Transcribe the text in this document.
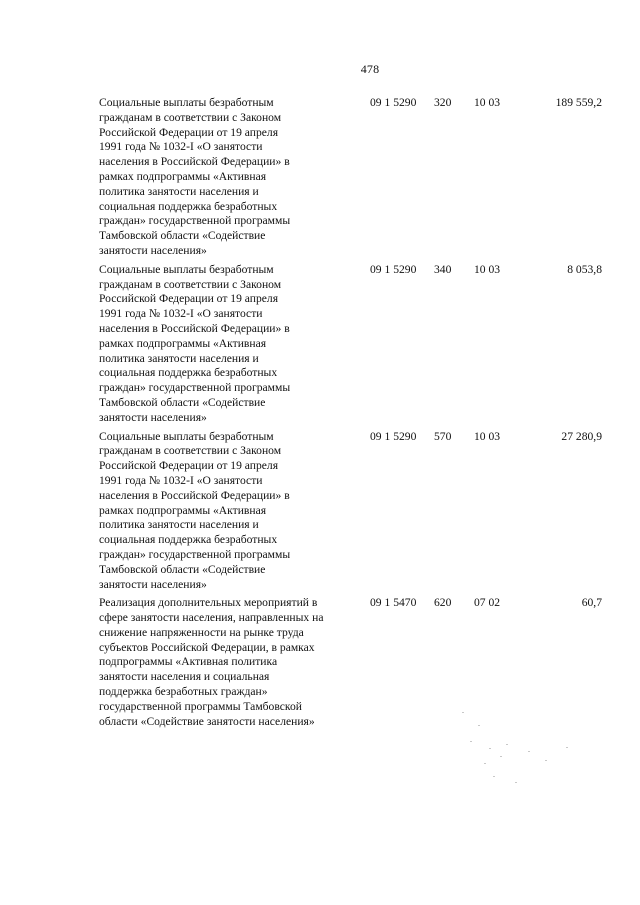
478
Социальные выплаты безработным
гражданам в соответствии с Законом
Российской Федерации от 19 апреля
1991 года № 1032-I «О занятости
населения в Российской Федерации» в
рамках подпрограммы «Активная
политика занятости населения и
социальная поддержка безработных
граждан» государственной программы
Тамбовской области «Содействие
занятости населения»
09 1 5290 320 10 03	189 559,2
Социальные выплаты безработным
гражданам в соответствии с Законом
Российской Федерации от 19 апреля
1991 года № 1032-I «О занятости
населения в Российской Федерации» в
рамках подпрограммы «Активная
политика занятости населения и
социальная поддержка безработных
граждан» государственной программы
Тамбовской области «Содействие
занятости населения»
09 1 5290 340 10 03	8 053,8
Социальные выплаты безработным
гражданам в соответствии с Законом
Российской Федерации от 19 апреля
1991 года № 1032-I «О занятости
населения в Российской Федерации» в
рамках подпрограммы «Активная
политика занятости населения и
социальная поддержка безработных
граждан» государственной программы
Тамбовской области «Содействие
занятости населения»
09 1 5290 570 10 03	27 280,9
Реализация дополнительных мероприятий в
сфере занятости населения, направленных на
снижение напряженности на рынке труда
субъектов Российской Федерации, в рамках
подпрограммы «Активная политика
занятости населения и социальная
поддержка безработных граждан»
государственной программы Тамбовской
области «Содействие занятости населения»
09 1 5470 620 07 02	60,7
